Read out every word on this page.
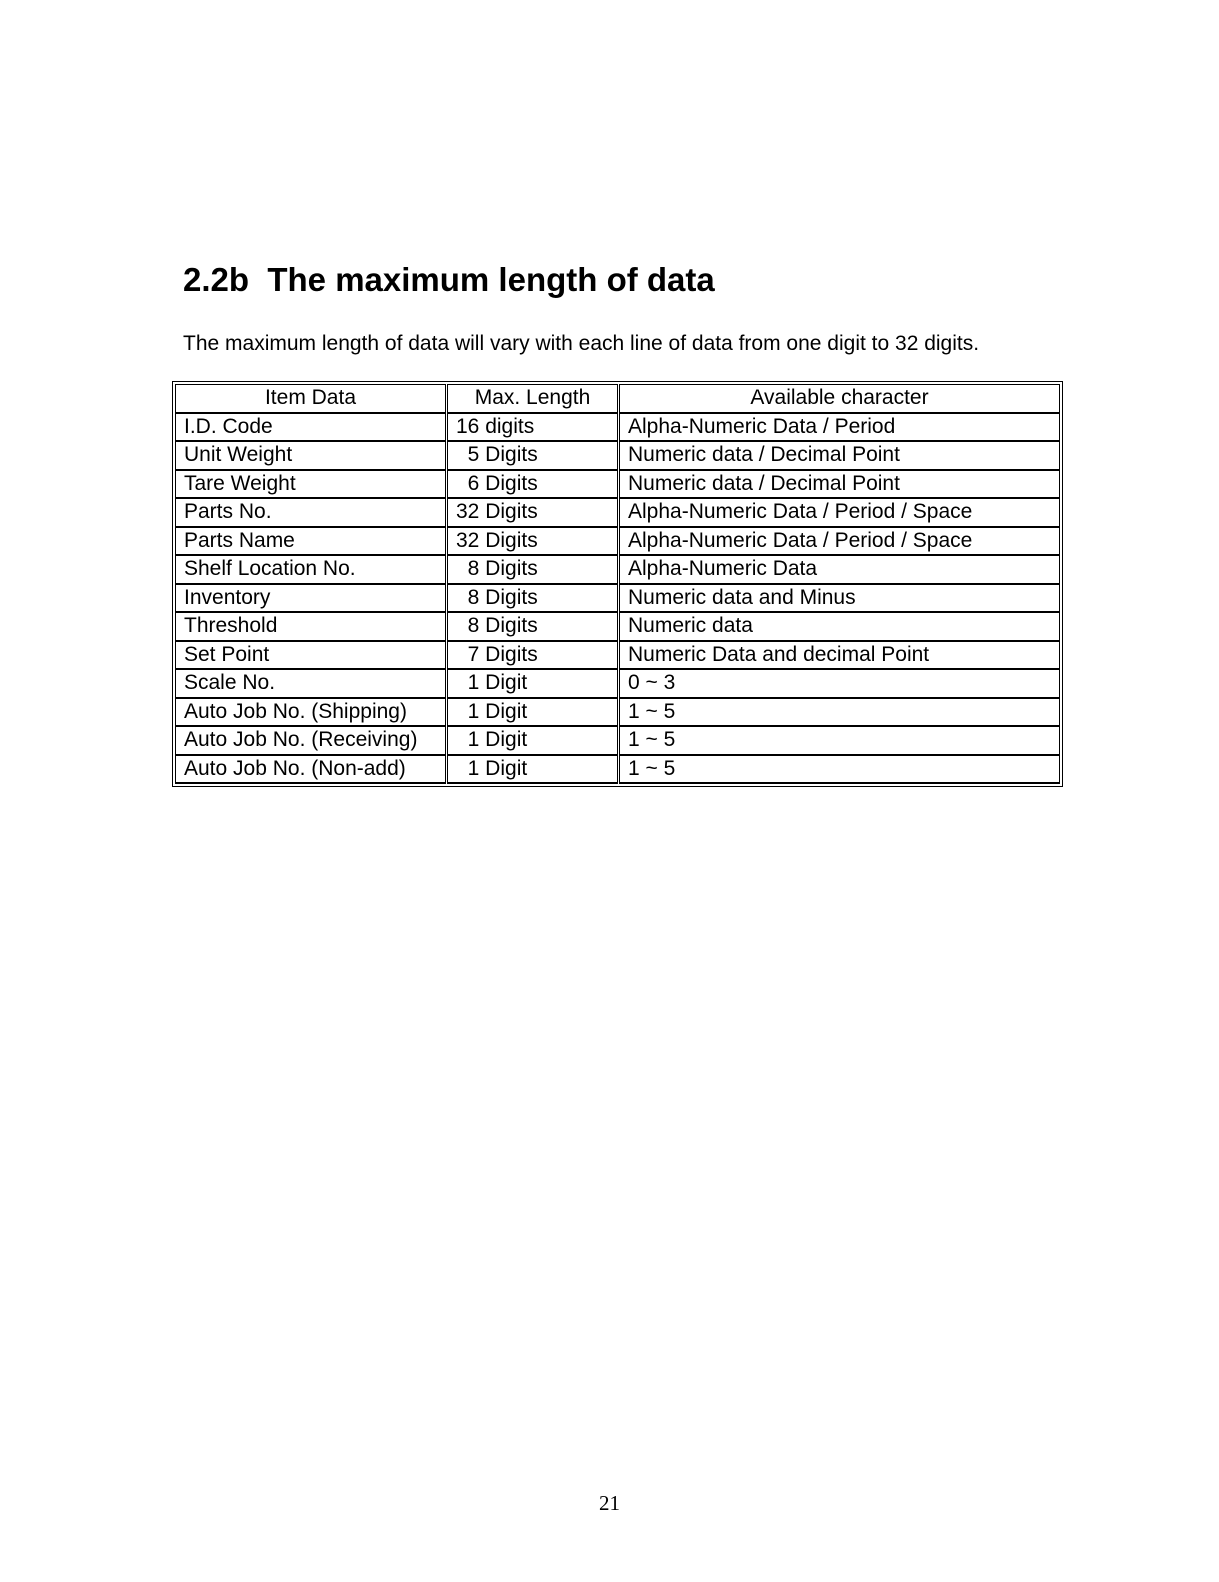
2.2b  The maximum length of data

The maximum length of data will vary with each line of data from one digit to 32 digits.

Item Data	Max. Length	Available character
I.D. Code	16 digits	Alpha-Numeric Data / Period
Unit Weight	5 Digits	Numeric data / Decimal Point
Tare Weight	6 Digits	Numeric data / Decimal Point
Parts No.	32 Digits	Alpha-Numeric Data / Period / Space
Parts Name	32 Digits	Alpha-Numeric Data / Period / Space
Shelf Location No.	8 Digits	Alpha-Numeric Data
Inventory	8 Digits	Numeric data and Minus
Threshold	8 Digits	Numeric data
Set Point	7 Digits	Numeric Data and decimal Point
Scale No.	1 Digit	0 ~ 3
Auto Job No. (Shipping)	1 Digit	1 ~ 5
Auto Job No. (Receiving)	1 Digit	1 ~ 5
Auto Job No. (Non-add)	1 Digit	1 ~ 5
21
